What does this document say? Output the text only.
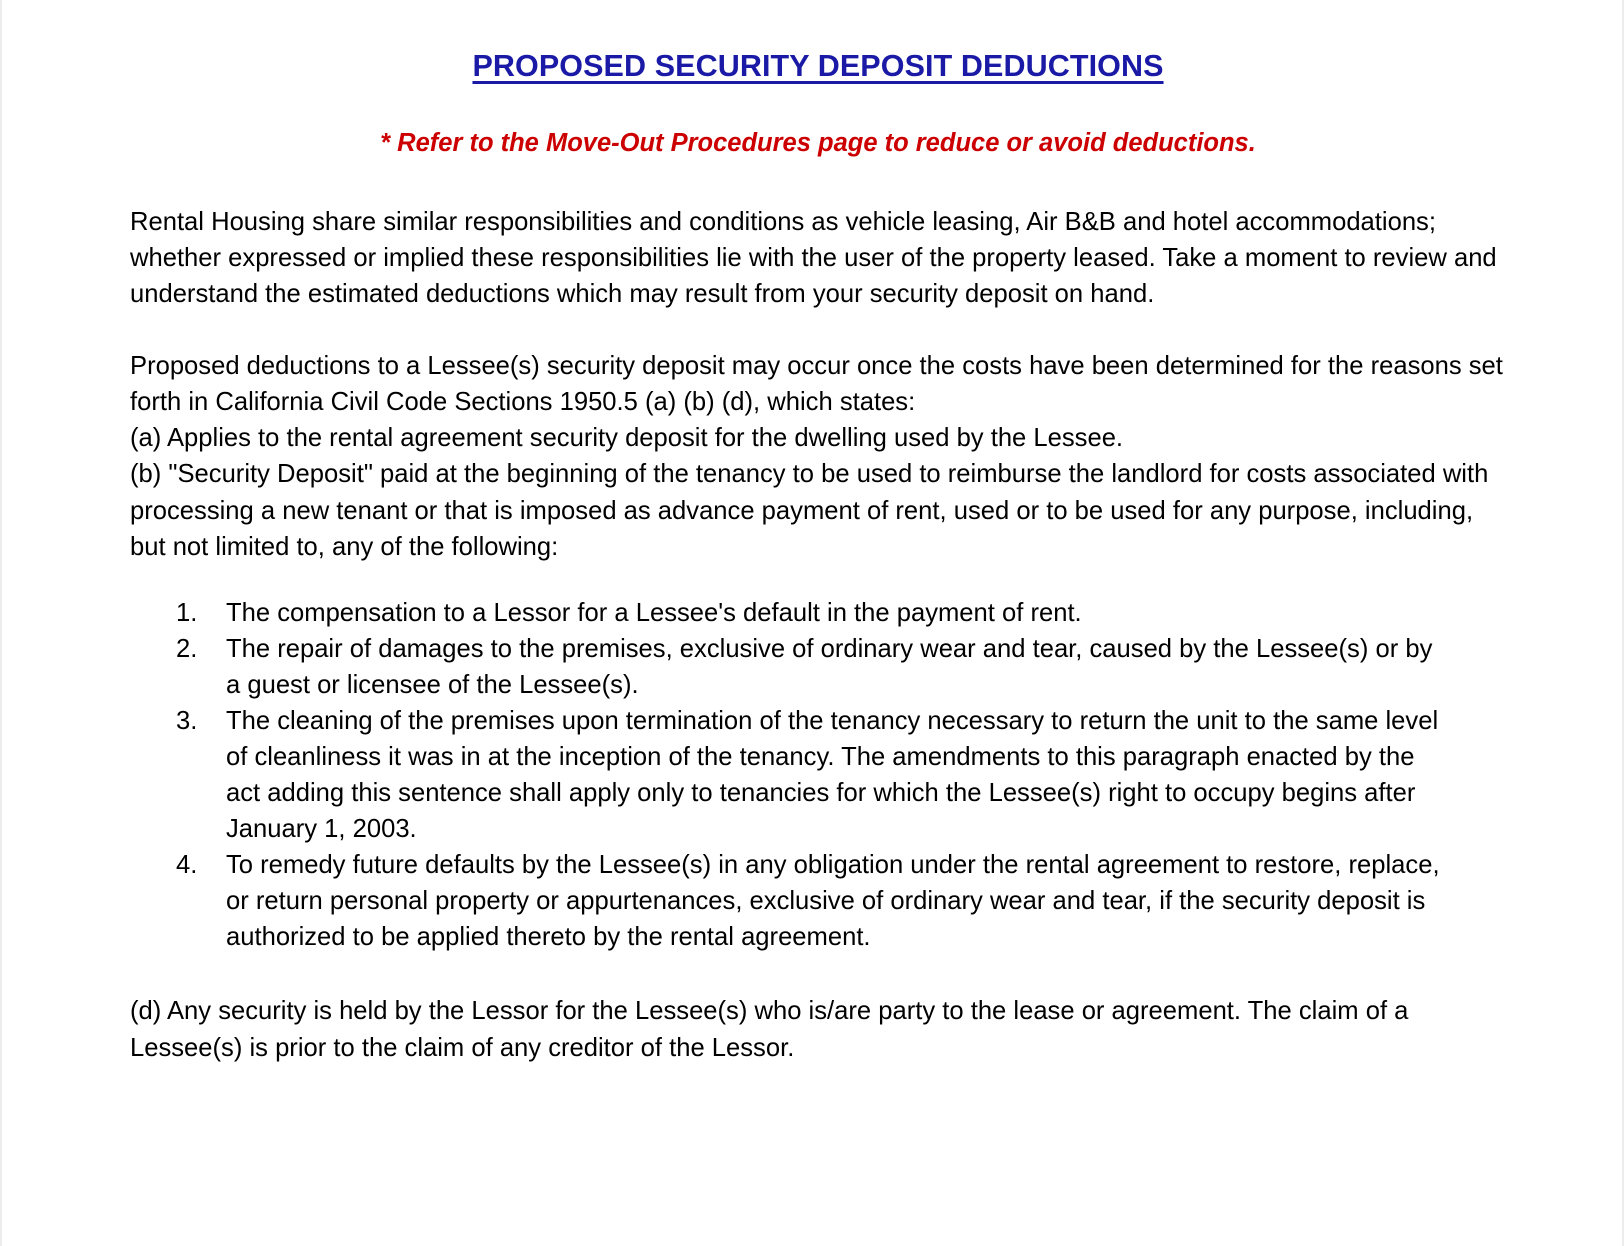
PROPOSED SECURITY DEPOSIT DEDUCTIONS

* Refer to the Move-Out Procedures page to reduce or avoid deductions.

Rental Housing share similar responsibilities and conditions as vehicle leasing, Air B&B and hotel accommodations; whether expressed or implied these responsibilities lie with the user of the property leased. Take a moment to review and understand the estimated deductions which may result from your security deposit on hand.

Proposed deductions to a Lessee(s) security deposit may occur once the costs have been determined for the reasons set forth in California Civil Code Sections 1950.5 (a) (b) (d), which states:

(a) Applies to the rental agreement security deposit for the dwelling used by the Lessee.

(b) "Security Deposit" paid at the beginning of the tenancy to be used to reimburse the landlord for costs associated with processing a new tenant or that is imposed as advance payment of rent, used or to be used for any purpose, including, but not limited to, any of the following:

1.	The compensation to a Lessor for a Lessee's default in the payment of rent.
2.	The repair of damages to the premises, exclusive of ordinary wear and tear, caused by the Lessee(s) or by a guest or licensee of the Lessee(s).
3.	The cleaning of the premises upon termination of the tenancy necessary to return the unit to the same level of cleanliness it was in at the inception of the tenancy. The amendments to this paragraph enacted by the act adding this sentence shall apply only to tenancies for which the Lessee(s) right to occupy begins after January 1, 2003.
4.	To remedy future defaults by the Lessee(s) in any obligation under the rental agreement to restore, replace, or return personal property or appurtenances, exclusive of ordinary wear and tear, if the security deposit is authorized to be applied thereto by the rental agreement.

(d) Any security is held by the Lessor for the Lessee(s) who is/are party to the lease or agreement. The claim of a Lessee(s) is prior to the claim of any creditor of the Lessor.
